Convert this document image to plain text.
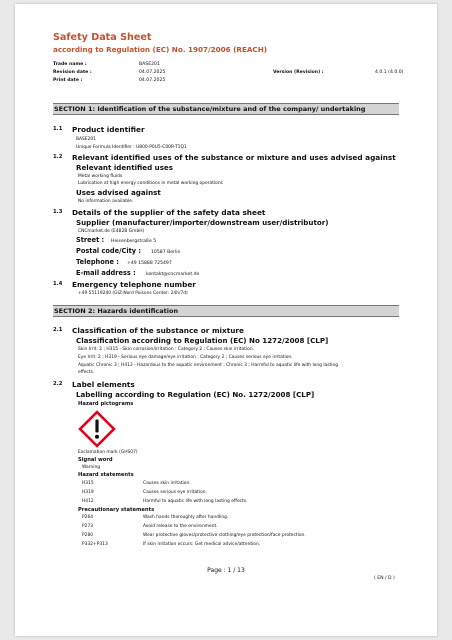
Safety Data Sheet
according to Regulation (EC) No. 1907/2006 (REACH)
Trade name :	BASE201
Revision date :	04.07.2025	Version (Revision) :	4.0.1 (4.0.0)
Print date :	04.07.2025
SECTION 1: Identification of the substance/mixture and of the company/ undertaking
1.1 Product identifier
BASE201
Unique Formula Identifier : U800-P0U5-C00R-T1Q1
1.2 Relevant identified uses of the substance or mixture and uses advised against
Relevant identified uses
Metal working fluids
Lubrication at high energy conditions in metal working operations
Uses advised against
No information available.
1.3 Details of the supplier of the safety data sheet
Supplier (manufacturer/importer/downstream user/distributor)
CNCmarket.de (E4B2B GmbH)
Street : Heisenbergstraße 5
Postal code/City : 10587 Berlin
Telephone : +49 15888 725497
E-mail address : kontakt@cncmarket.de
1.4 Emergency telephone number
+49 55119240 (GIZ-Nord Poisons Center: 24h/7d)
SECTION 2: Hazards identification
2.1 Classification of the substance or mixture
Classification according to Regulation (EC) No 1272/2008 [CLP]
Skin Irrit. 2 ; H315 - Skin corrosion/irritation : Category 2 ; Causes skin irritation.
Eye Irrit. 2 ; H319 - Serious eye damage/eye irritation : Category 2 ; Causes serious eye irritation.
Aquatic Chronic 3 ; H412 - Hazardous to the aquatic environment : Chronic 3 ; Harmful to aquatic life with long lasting
effects.
2.2 Label elements
Labelling according to Regulation (EC) No. 1272/2008 [CLP]
Hazard pictograms
Exclamation mark (GHS07)
Signal word
Warning
Hazard statements
H315	Causes skin irritation.
H319	Causes serious eye irritation.
H412	Harmful to aquatic life with long lasting effects.
Precautionary statements
P264	Wash hands thoroughly after handling.
P273	Avoid release to the environment.
P280	Wear protective gloves/protective clothing/eye protection/face protection.
P332+P313	If skin irritation occurs: Get medical advice/attention.
Page : 1 / 13
( EN / D )
